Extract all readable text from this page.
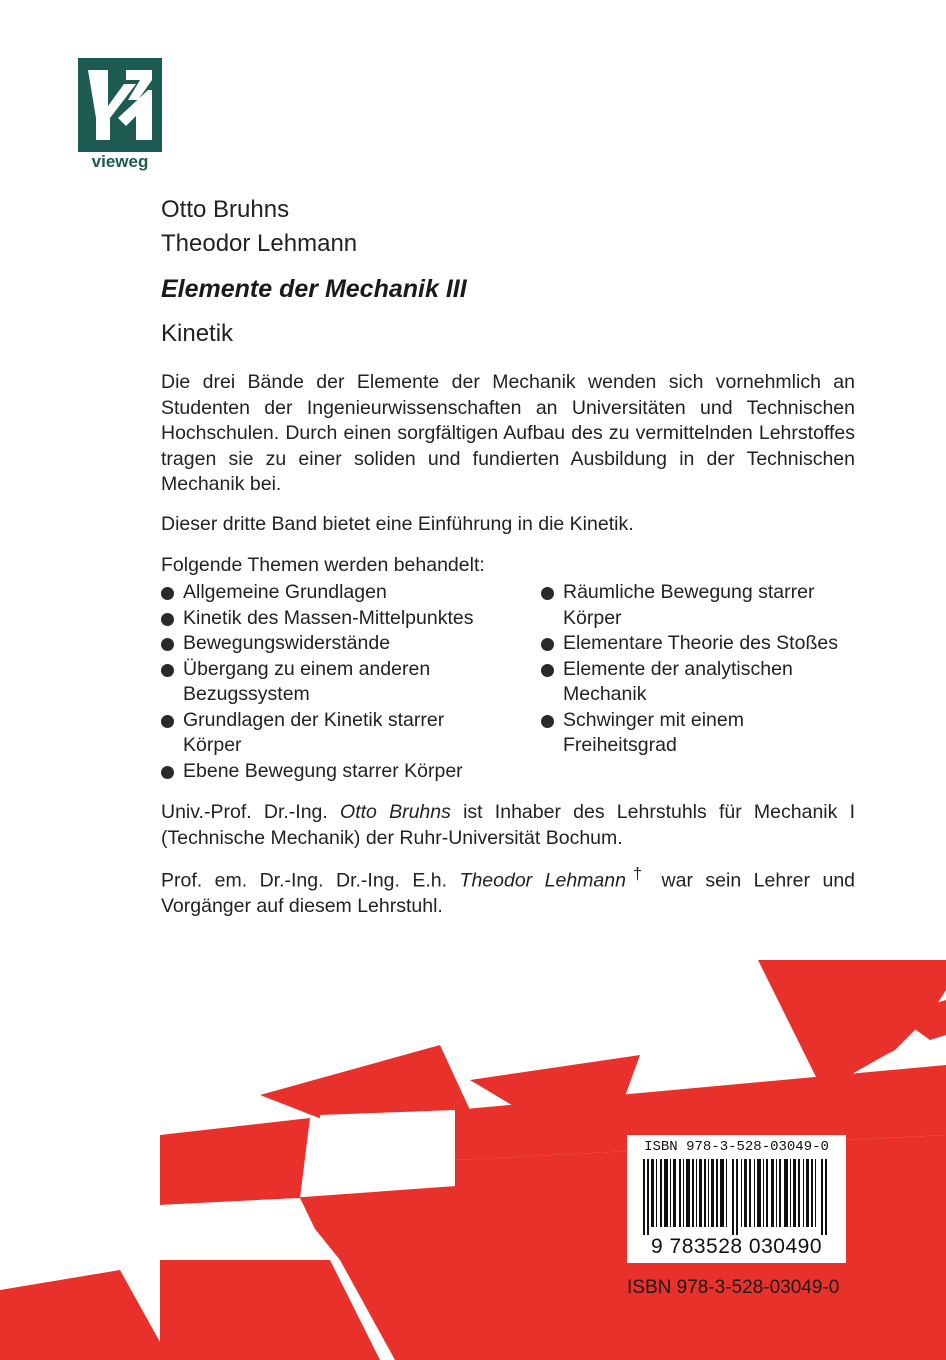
vieweg
Otto Bruhns
Theodor Lehmann
Elemente der Mechanik III
Kinetik
Die drei Bände der Elemente der Mechanik wenden sich vornehmlich an Studenten der Ingenieurwissenschaften an Universitäten und Technischen Hochschulen. Durch einen sorgfältigen Aufbau des zu vermittelnden Lehrstoffes tragen sie zu einer soliden und fundierten Ausbildung in der Technischen Mechanik bei.
Dieser dritte Band bietet eine Einführung in die Kinetik.
Folgende Themen werden behandelt:
Allgemeine Grundlagen
Kinetik des Massen-Mittelpunktes
Bewegungswiderstände
Übergang zu einem anderen Bezugssystem
Grundlagen der Kinetik starrer Körper
Ebene Bewegung starrer Körper
Räumliche Bewegung starrer Körper
Elementare Theorie des Stoßes
Elemente der analytischen Mechanik
Schwinger mit einem Freiheitsgrad
Univ.-Prof. Dr.-Ing. Otto Bruhns ist Inhaber des Lehrstuhls für Mechanik I (Technische Mechanik) der Ruhr-Universität Bochum.
Prof. em. Dr.-Ing. Dr.-Ing. E.h. Theodor Lehmann† war sein Lehrer und Vorgänger auf diesem Lehrstuhl.
ISBN 978-3-528-03049-0
9 783528 030490
ISBN 978-3-528-03049-0
